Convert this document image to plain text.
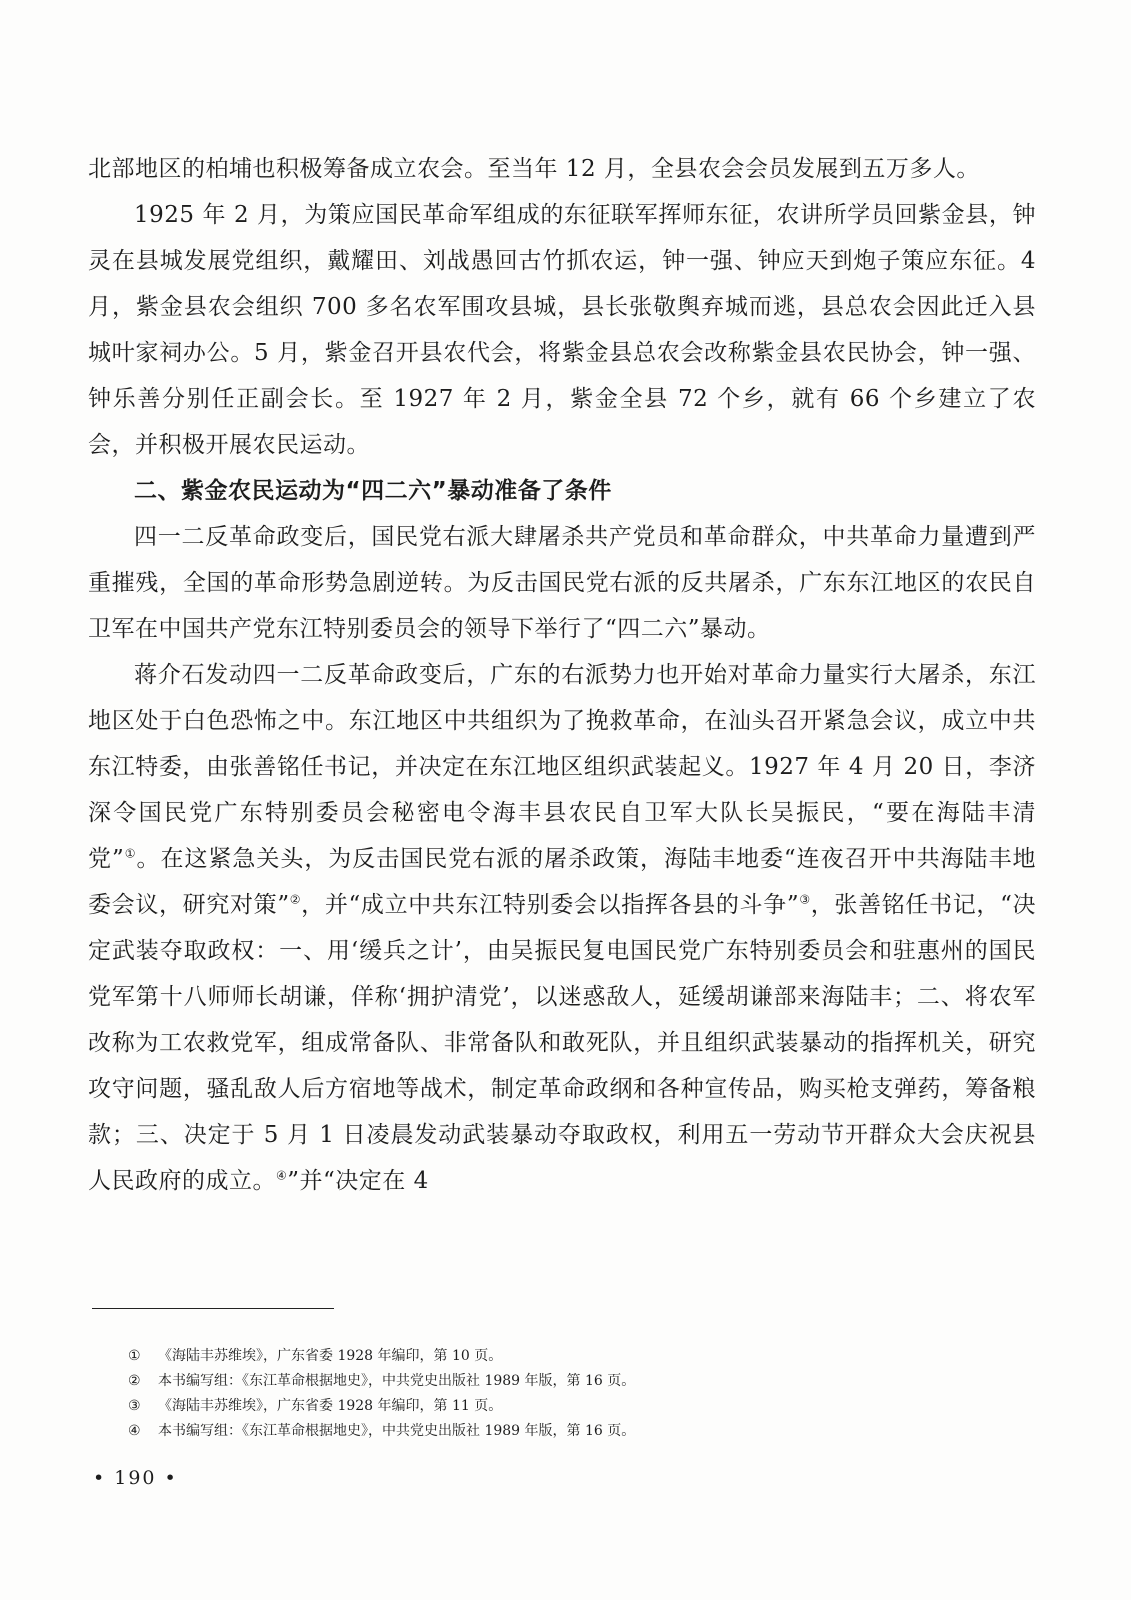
北部地区的柏埔也积极筹备成立农会。至当年 12 月，全县农会会员发展到五万多人。

1925 年 2 月，为策应国民革命军组成的东征联军挥师东征，农讲所学员回紫金县，钟灵在县城发展党组织，戴耀田、刘战愚回古竹抓农运，钟一强、钟应天到炮子策应东征。4 月，紫金县农会组织 700 多名农军围攻县城，县长张敬舆弃城而逃，县总农会因此迁入县城叶家祠办公。5 月，紫金召开县农代会，将紫金县总农会改称紫金县农民协会，钟一强、钟乐善分别任正副会长。至 1927 年 2 月，紫金全县 72 个乡，就有 66 个乡建立了农会，并积极开展农民运动。

二、紫金农民运动为“四二六”暴动准备了条件

四一二反革命政变后，国民党右派大肆屠杀共产党员和革命群众，中共革命力量遭到严重摧残，全国的革命形势急剧逆转。为反击国民党右派的反共屠杀，广东东江地区的农民自卫军在中国共产党东江特别委员会的领导下举行了“四二六”暴动。

蒋介石发动四一二反革命政变后，广东的右派势力也开始对革命力量实行大屠杀，东江地区处于白色恐怖之中。东江地区中共组织为了挽救革命，在汕头召开紧急会议，成立中共东江特委，由张善铭任书记，并决定在东江地区组织武装起义。1927 年 4 月 20 日，李济深令国民党广东特别委员会秘密电令海丰县农民自卫军大队长吴振民，“要在海陆丰清党”①。在这紧急关头，为反击国民党右派的屠杀政策，海陆丰地委“连夜召开中共海陆丰地委会议，研究对策”②，并“成立中共东江特别委会以指挥各县的斗争”③，张善铭任书记，“决定武装夺取政权：一、用‘缓兵之计’，由吴振民复电国民党广东特别委员会和驻惠州的国民党军第十八师师长胡谦，佯称‘拥护清党’，以迷惑敌人，延缓胡谦部来海陆丰；二、将农军改称为工农救党军，组成常备队、非常备队和敢死队，并且组织武装暴动的指挥机关，研究攻守问题，骚乱敌人后方宿地等战术，制定革命政纲和各种宣传品，购买枪支弹药，筹备粮款；三、决定于 5 月 1 日凌晨发动武装暴动夺取政权，利用五一劳动节开群众大会庆祝县人民政府的成立。④”并“决定在 4

① 《海陆丰苏维埃》，广东省委 1928 年编印，第 10 页。
② 本书编写组：《东江革命根据地史》，中共党史出版社 1989 年版，第 16 页。
③ 《海陆丰苏维埃》，广东省委 1928 年编印，第 11 页。
④ 本书编写组：《东江革命根据地史》，中共党史出版社 1989 年版，第 16 页。
• 190 •
